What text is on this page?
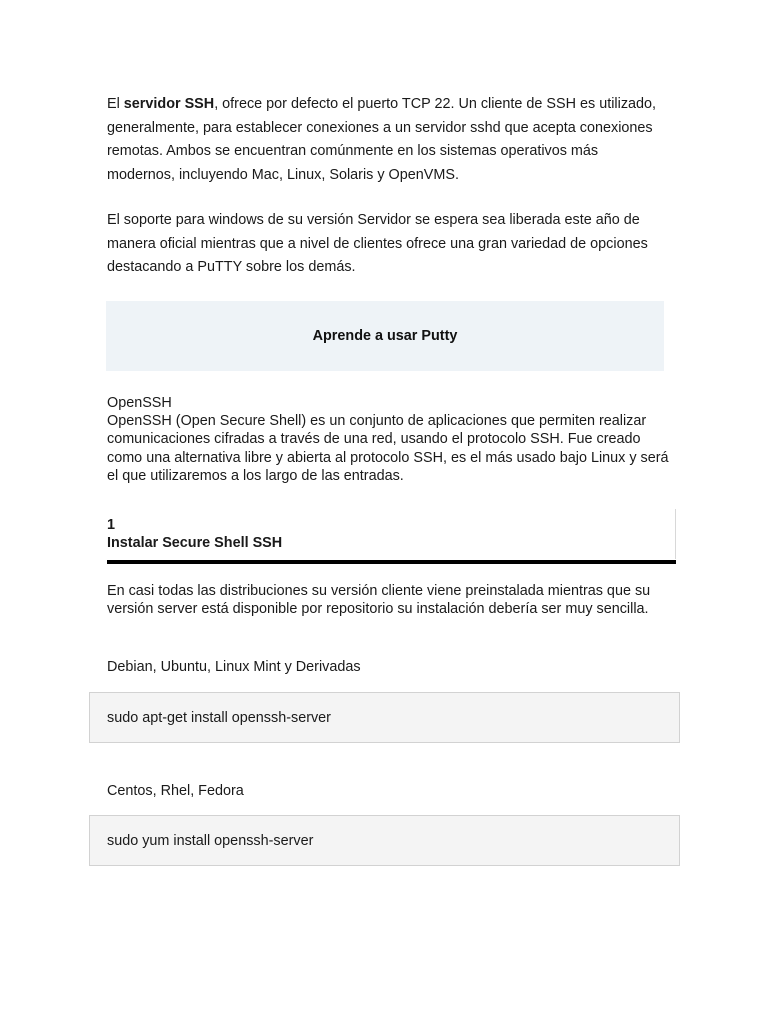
El servidor SSH, ofrece por defecto el puerto TCP 22. Un cliente de SSH es utilizado, generalmente, para establecer conexiones a un servidor sshd que acepta conexiones remotas. Ambos se encuentran comúnmente en los sistemas operativos más modernos, incluyendo Mac, Linux, Solaris y OpenVMS.

El soporte para windows de su versión Servidor se espera sea liberada este año de manera oficial mientras que a nivel de clientes ofrece una gran variedad de opciones destacando a PuTTY sobre los demás.

Aprende a usar Putty

OpenSSH

OpenSSH (Open Secure Shell) es un conjunto de aplicaciones que permiten realizar comunicaciones cifradas a través de una red, usando el protocolo SSH. Fue creado como una alternativa libre y abierta al protocolo SSH, es el más usado bajo Linux y será el que utilizaremos a los largo de las entradas.

1
Instalar Secure Shell SSH

En casi todas las distribuciones su versión cliente viene preinstalada mientras que su versión server está disponible por repositorio su instalación debería ser muy sencilla.

Debian, Ubuntu, Linux Mint y Derivadas

sudo apt-get install openssh-server

Centos, Rhel, Fedora

sudo yum install openssh-server
